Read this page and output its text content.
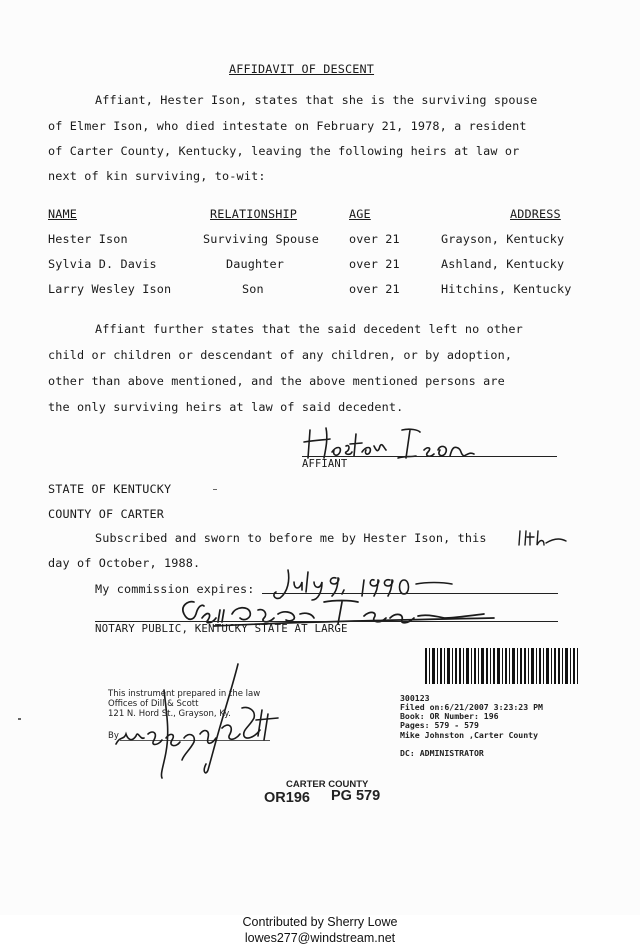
AFFIDAVIT OF DESCENT
Affiant, Hester Ison, states that she is the surviving spouse
of Elmer Ison, who died intestate on February 21, 1978, a resident
of Carter County, Kentucky, leaving the following heirs at law or
next of kin surviving, to-wit:
NAME	RELATIONSHIP	AGE	ADDRESS
Hester Ison	Surviving Spouse	over 21	Grayson, Kentucky
Sylvia D. Davis	Daughter	over 21	Ashland, Kentucky
Larry Wesley Ison	Son	over 21	Hitchins, Kentucky
Affiant further states that the said decedent left no other
child or children or descendant of any children, or by adoption,
other than above mentioned, and the above mentioned persons are
the only surviving heirs at law of said decedent.
AFFIANT
STATE OF KENTUCKY
COUNTY OF CARTER
Subscribed and sworn to before me by Hester Ison, this
day of October, 1988.
My commission expires:
NOTARY PUBLIC, KENTUCKY STATE AT LARGE
This instrument prepared in the law
Offices of Dill & Scott
121 N. Hord St., Grayson, Ky.
By
300123
Filed on:6/21/2007 3:23:23 PM
Book: OR Number: 196
Pages: 579 - 579
Mike Johnston ,Carter County
DC: ADMINISTRATOR
CARTER COUNTY
OR196 PG 579
Contributed by Sherry Lowe
lowes277@windstream.net
